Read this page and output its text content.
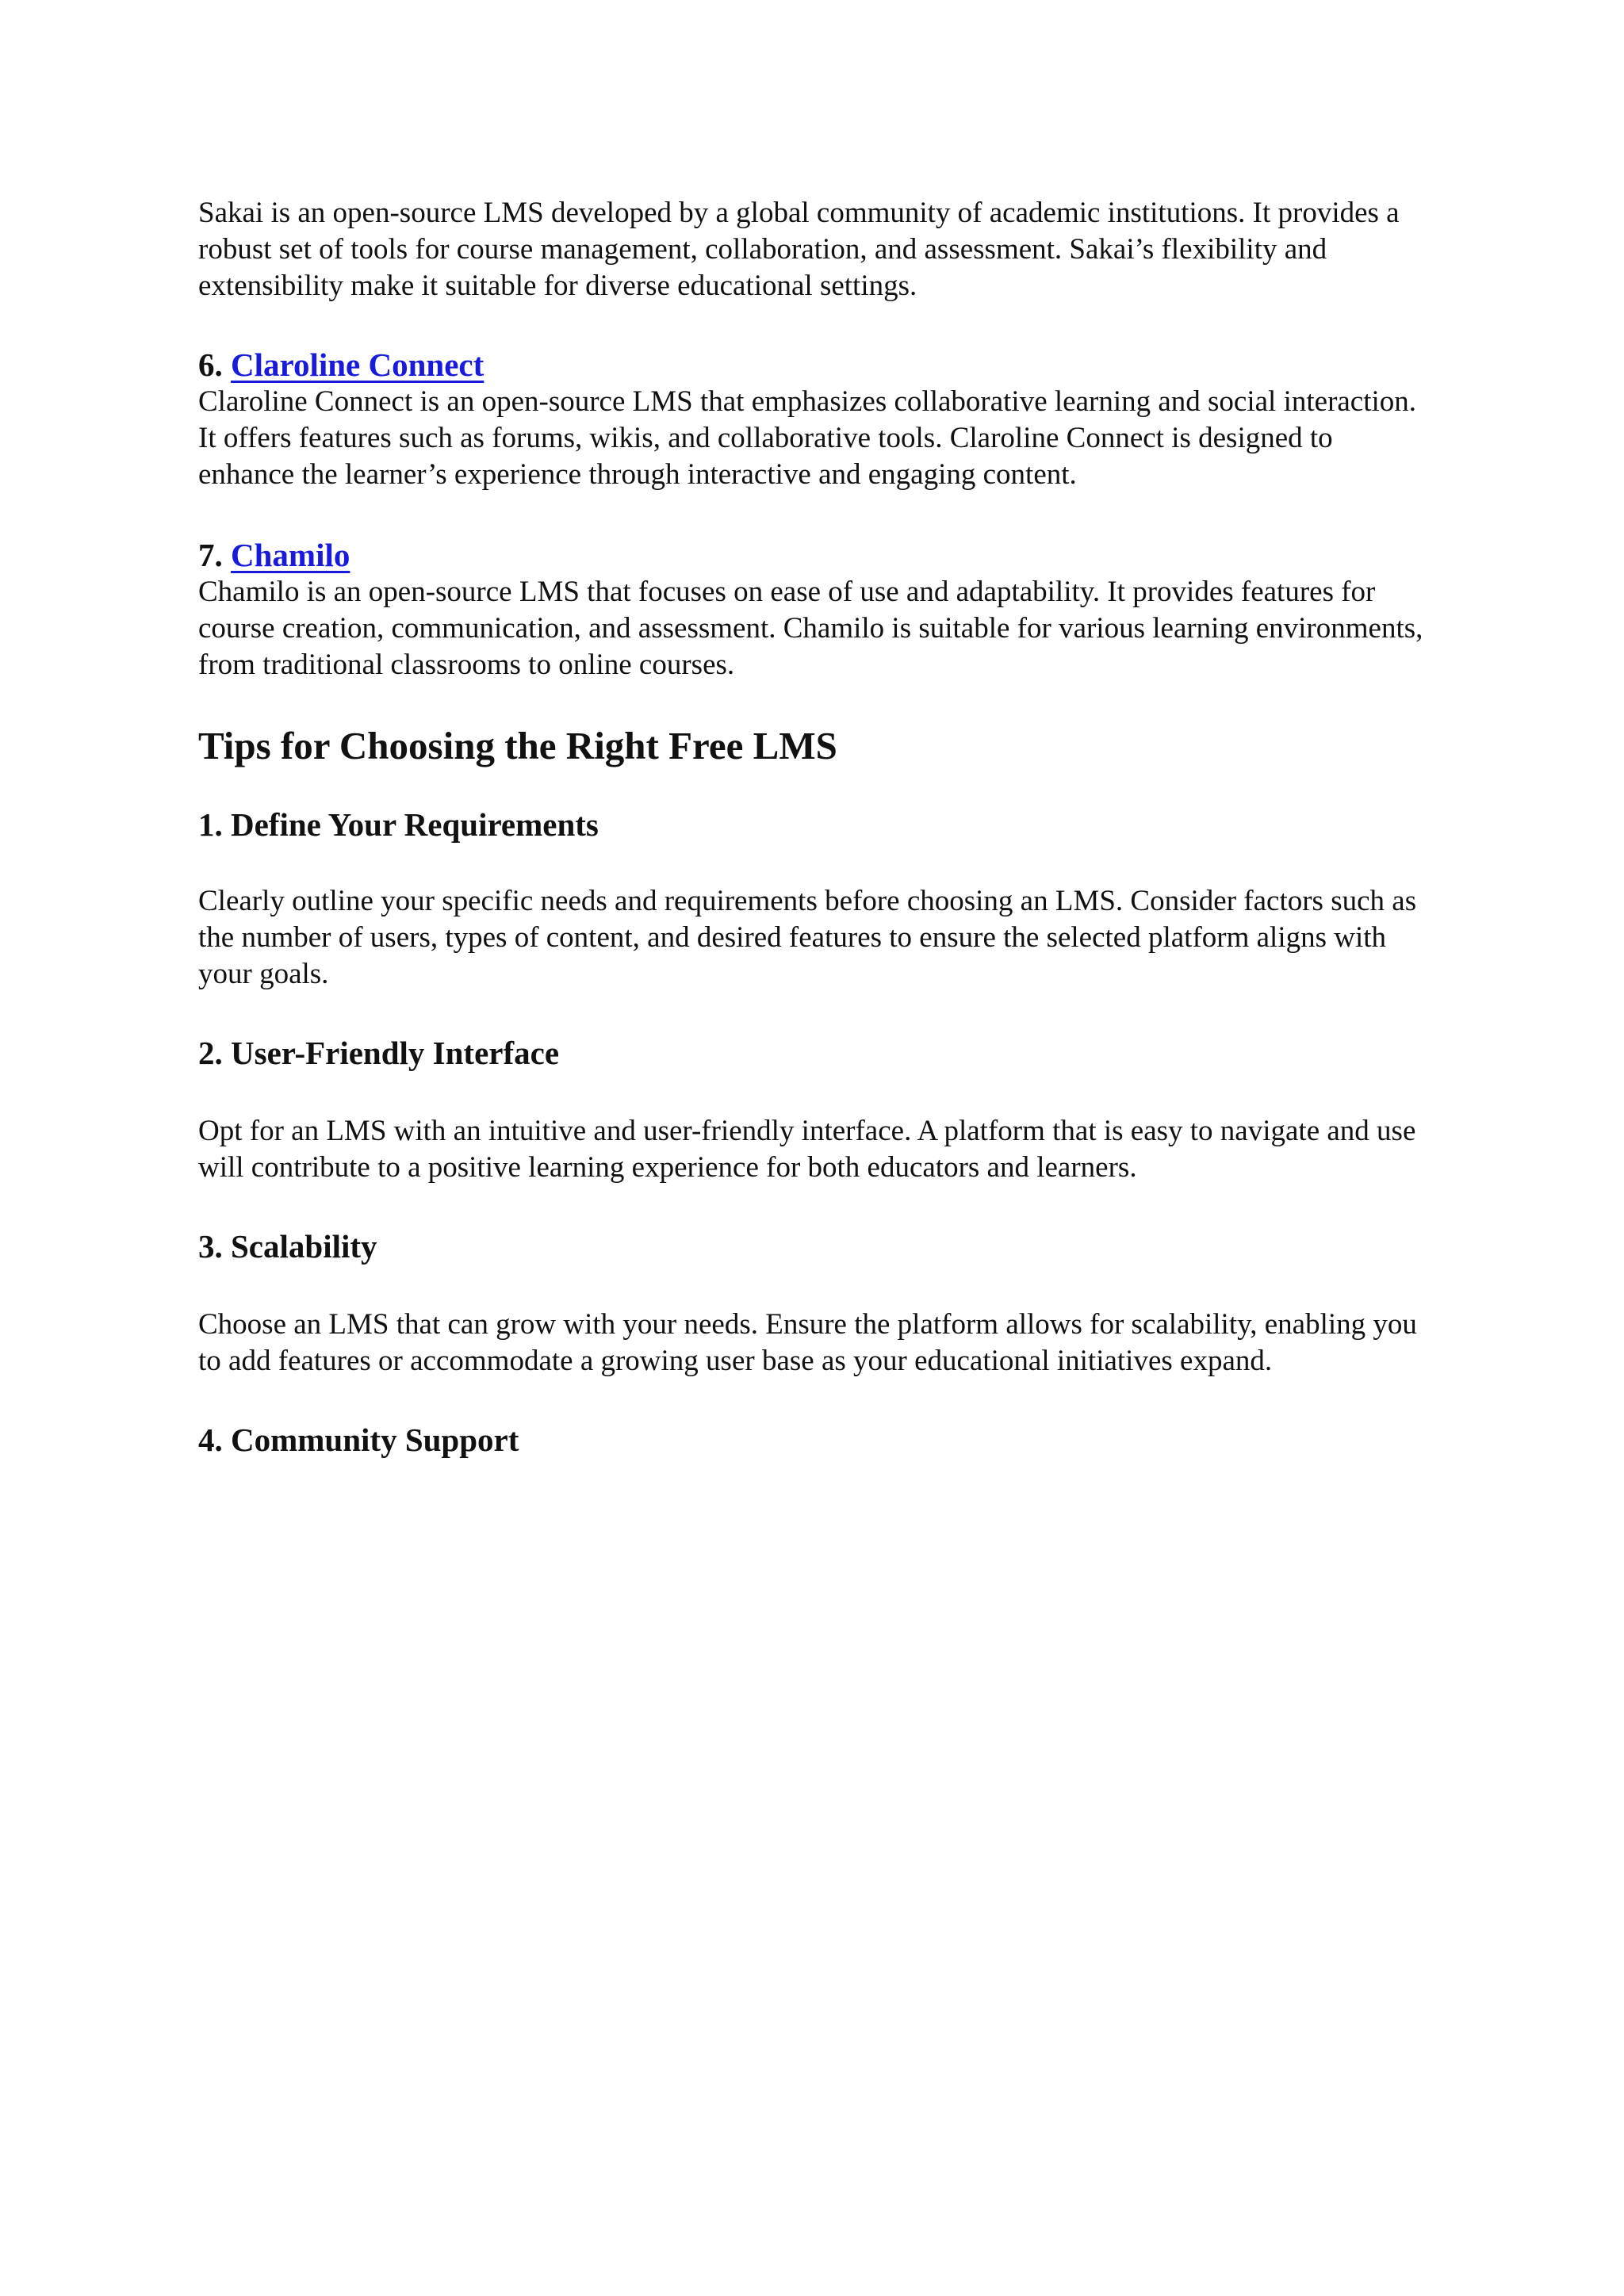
Sakai is an open-source LMS developed by a global community of academic institutions. It provides a robust set of tools for course management, collaboration, and assessment. Sakai’s flexibility and extensibility make it suitable for diverse educational settings.

6. Claroline Connect

Claroline Connect is an open-source LMS that emphasizes collaborative learning and social interaction. It offers features such as forums, wikis, and collaborative tools. Claroline Connect is designed to enhance the learner’s experience through interactive and engaging content.

7. Chamilo

Chamilo is an open-source LMS that focuses on ease of use and adaptability. It provides features for course creation, communication, and assessment. Chamilo is suitable for various learning environments, from traditional classrooms to online courses.

Tips for Choosing the Right Free LMS
1. Define Your Requirements

Clearly outline your specific needs and requirements before choosing an LMS. Consider factors such as the number of users, types of content, and desired features to ensure the selected platform aligns with your goals.

2. User-Friendly Interface

Opt for an LMS with an intuitive and user-friendly interface. A platform that is easy to navigate and use will contribute to a positive learning experience for both educators and learners.

3. Scalability

Choose an LMS that can grow with your needs. Ensure the platform allows for scalability, enabling you to add features or accommodate a growing user base as your educational initiatives expand.

4. Community Support
